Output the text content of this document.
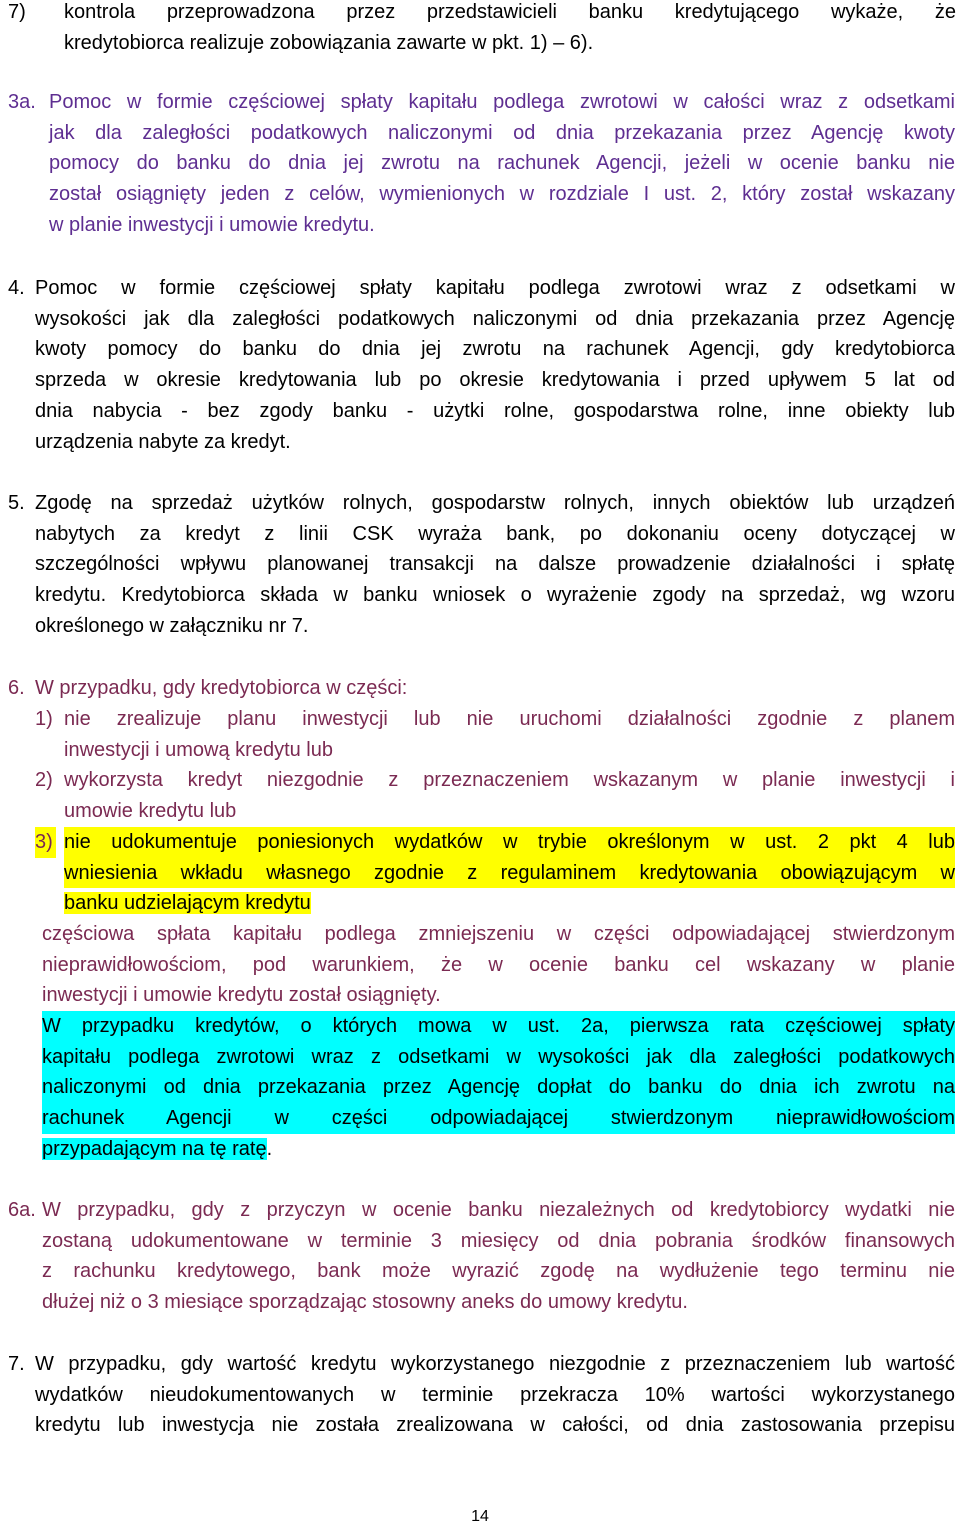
7) kontrola przeprowadzona przez przedstawicieli banku kredytującego wykaże, że
kredytobiorca realizuje zobowiązania zawarte w pkt. 1) – 6).
3a. Pomoc w formie częściowej spłaty kapitału podlega zwrotowi w całości wraz z odsetkami
jak dla zaległości podatkowych naliczonymi od dnia przekazania przez Agencję kwoty
pomocy do banku do dnia jej zwrotu na rachunek Agencji, jeżeli w ocenie banku nie
został osiągnięty jeden z celów, wymienionych w rozdziale I ust. 2, który został wskazany
w planie inwestycji i umowie kredytu.
4. Pomoc w formie częściowej spłaty kapitału podlega zwrotowi wraz z odsetkami w
wysokości jak dla zaległości podatkowych naliczonymi od dnia przekazania przez Agencję
kwoty pomocy do banku do dnia jej zwrotu na rachunek Agencji, gdy kredytobiorca
sprzeda w okresie kredytowania lub po okresie kredytowania i przed upływem 5 lat od
dnia nabycia - bez zgody banku - użytki rolne, gospodarstwa rolne, inne obiekty lub
urządzenia nabyte za kredyt.
5. Zgodę na sprzedaż użytków rolnych, gospodarstw rolnych, innych obiektów lub urządzeń
nabytych za kredyt z linii CSK wyraża bank, po dokonaniu oceny dotyczącej w
szczególności wpływu planowanej transakcji na dalsze prowadzenie działalności i spłatę
kredytu. Kredytobiorca składa w banku wniosek o wyrażenie zgody na sprzedaż, wg wzoru
określonego w załączniku nr 7.
6. W przypadku, gdy kredytobiorca w części:
1) nie zrealizuje planu inwestycji lub nie uruchomi działalności zgodnie z planem
inwestycji i umową kredytu lub
2) wykorzysta kredyt niezgodnie z przeznaczeniem wskazanym w planie inwestycji i
umowie kredytu lub
3) nie udokumentuje poniesionych wydatków w trybie określonym w ust. 2 pkt 4 lub
wniesienia wkładu własnego zgodnie z regulaminem kredytowania obowiązującym w
banku udzielającym kredytu
częściowa spłata kapitału podlega zmniejszeniu w części odpowiadającej stwierdzonym
nieprawidłowościom, pod warunkiem, że w ocenie banku cel wskazany w planie
inwestycji i umowie kredytu został osiągnięty.
W przypadku kredytów, o których mowa w ust. 2a, pierwsza rata częściowej spłaty
kapitału podlega zwrotowi wraz z odsetkami w wysokości jak dla zaległości podatkowych
naliczonymi od dnia przekazania przez Agencję dopłat do banku do dnia ich zwrotu na
rachunek Agencji w części odpowiadającej stwierdzonym nieprawidłowościom
przypadającym na tę ratę.
6a. W przypadku, gdy z przyczyn w ocenie banku niezależnych od kredytobiorcy wydatki nie
zostaną udokumentowane w terminie 3 miesięcy od dnia pobrania środków finansowych
z rachunku kredytowego, bank może wyrazić zgodę na wydłużenie tego terminu nie
dłużej niż o 3 miesiące sporządzając stosowny aneks do umowy kredytu.
7. W przypadku, gdy wartość kredytu wykorzystanego niezgodnie z przeznaczeniem lub wartość
wydatków nieudokumentowanych w terminie przekracza 10% wartości wykorzystanego
kredytu lub inwestycja nie została zrealizowana w całości, od dnia zastosowania przepisu
14
